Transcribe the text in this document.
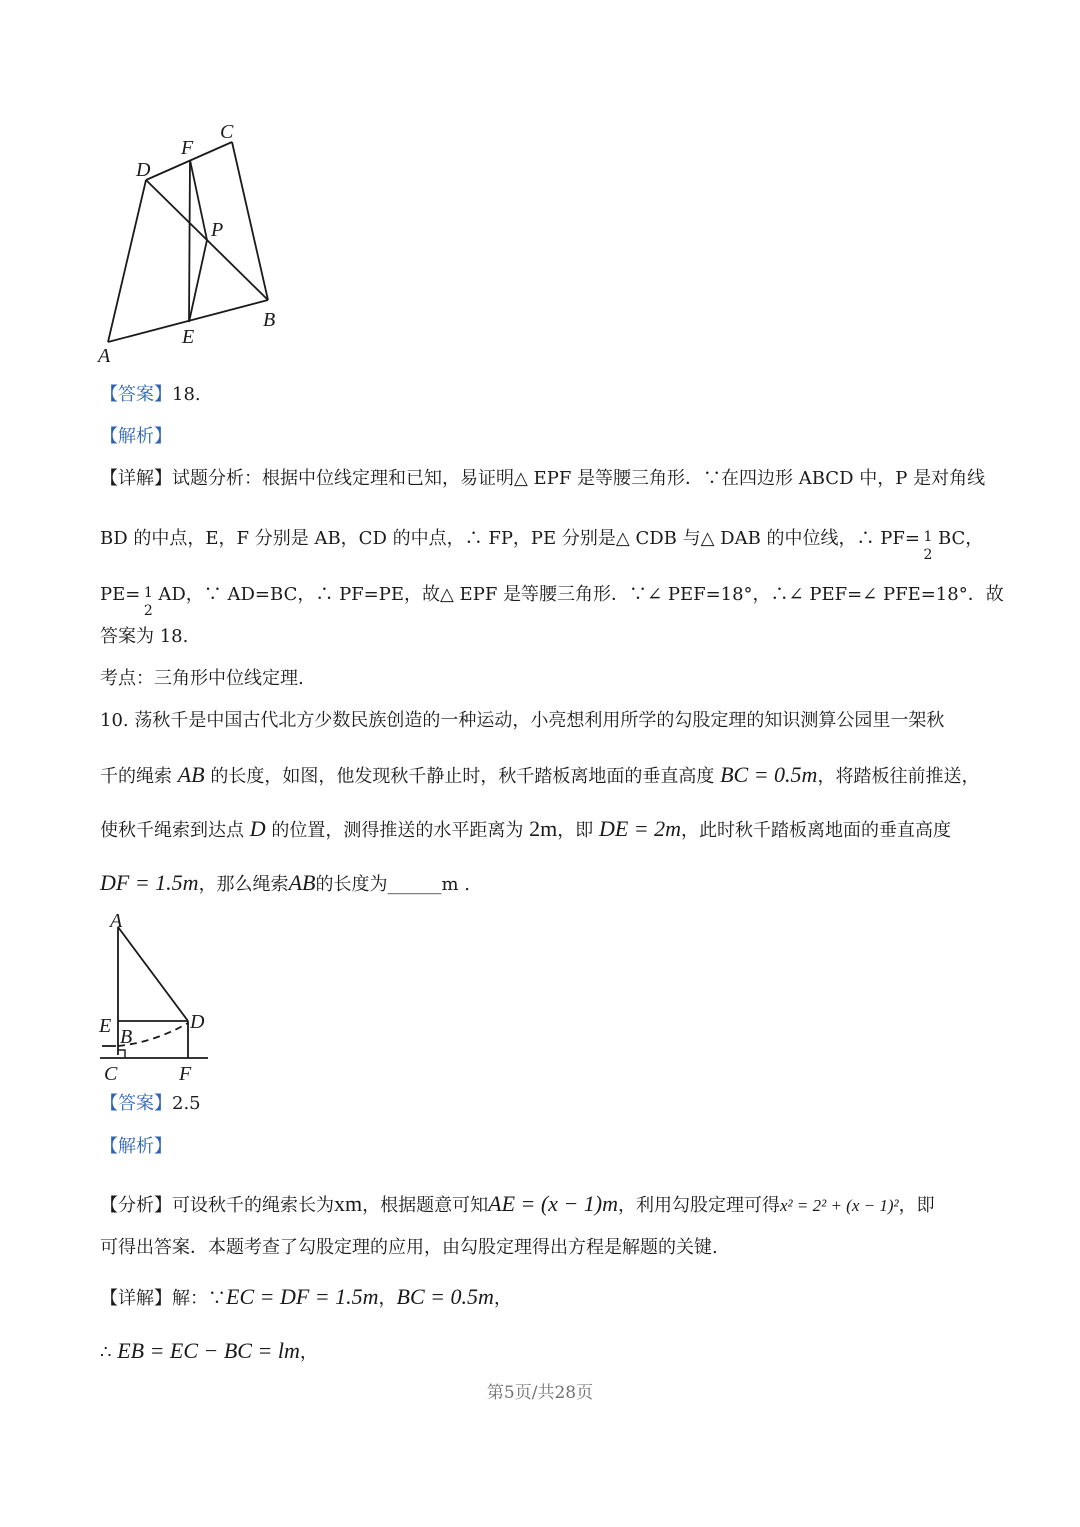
C
F
D
P
B
E
A
【答案】18.
【解析】
【详解】试题分析：根据中位线定理和已知，易证明△ EPF 是等腰三角形．∵在四边形 ABCD 中，P 是对角线
BD 的中点，E，F 分别是 AB，CD 的中点，∴ FP，PE 分别是△ CDB 与△ DAB 的中位线，∴ PF= 1
2
BC，
PE= 1
2
AD，∵ AD=BC，∴ PF=PE，故△ EPF 是等腰三角形．∵∠ PEF=18°，∴∠ PEF=∠ PFE=18°．故
答案为 18.
考点：三角形中位线定理.
10. 荡秋千是中国古代北方少数民族创造的一种运动，小亮想利用所学的勾股定理的知识测算公园里一架秋
千的绳索 AB 的长度，如图，他发现秋千静止时，秋千踏板离地面的垂直高度 BC = 0.5m，将踏板往前推送，
使秋千绳索到达点 D 的位置，测得推送的水平距离为 2m，即 DE = 2m，此时秋千踏板离地面的垂直高度
DF = 1.5m，那么绳索AB的长度为______m .
A
E B
D
C	F
【答案】2.5
【解析】
【分析】可设秋千的绳索长为xm，根据题意可知AE = (x − 1)m，利用勾股定理可得x² = 2² + (x − 1)²，即
可得出答案．本题考查了勾股定理的应用，由勾股定理得出方程是解题的关键.
【详解】解：∵EC = DF = 1.5m，BC = 0.5m，
∴ EB = EC − BC = lm，
第5页/共28页
